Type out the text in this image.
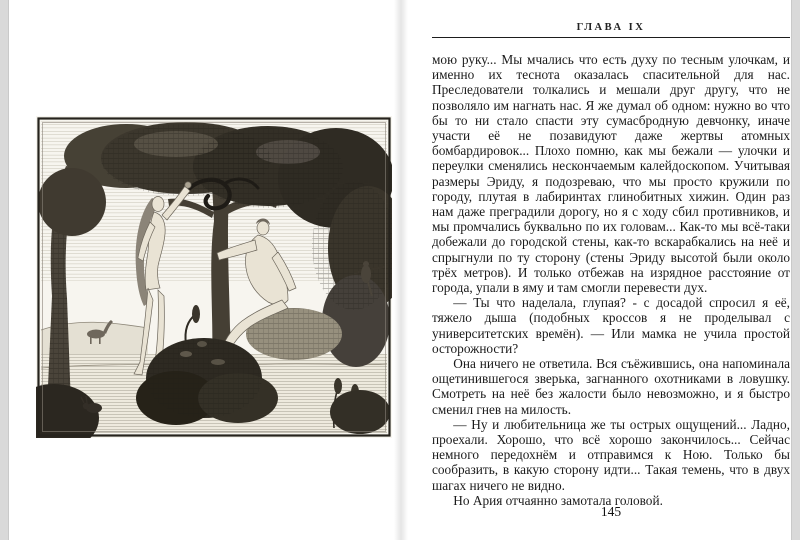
ГЛАВА IX

мою руку... Мы мчались что есть духу по тесным улочкам, и именно их теснота оказалась спасительной для нас. Преследователи толкались и мешали друг другу, что не позволяло им нагнать нас. Я же думал об одном: нужно во что бы то ни стало спасти эту сумасбродную девчонку, иначе участи её не позавидуют даже жертвы атомных бомбардировок... Плохо помню, как мы бежали — улочки и переулки сменялись нескончаемым калейдоскопом. Учитывая размеры Эриду, я подозреваю, что мы просто кружили по городу, плутая в лабиринтах глинобитных хижин. Один раз нам даже преградили дорогу, но я с ходу сбил противников, и мы промчались буквально по их головам... Как-то мы всё-таки добежали до городской стены, как-то вскарабкались на неё и спрыгнули по ту сторону (стены Эриду высотой были около трёх метров). И только отбежав на изрядное расстояние от города, упали в яму и там смогли перевести дух.

— Ты что наделала, глупая? - с досадой спросил я её, тяжело дыша (подобных кроссов я не проделывал с университетских времён). — Или мамка не учила простой осторожности?

Она ничего не ответила. Вся съёжившись, она напоминала ощетинившегося зверька, загнанного охотниками в ловушку. Смотреть на неё без жалости было невозможно, и я быстро сменил гнев на милость.

— Ну и любительница же ты острых ощущений... Ладно, проехали. Хорошо, что всё хорошо закончилось... Сейчас немного передохнём и отправимся к Ною. Только бы сообразить, в какую сторону идти... Такая темень, что в двух шагах ничего не видно.

Но Ария отчаянно замотала головой.

145
